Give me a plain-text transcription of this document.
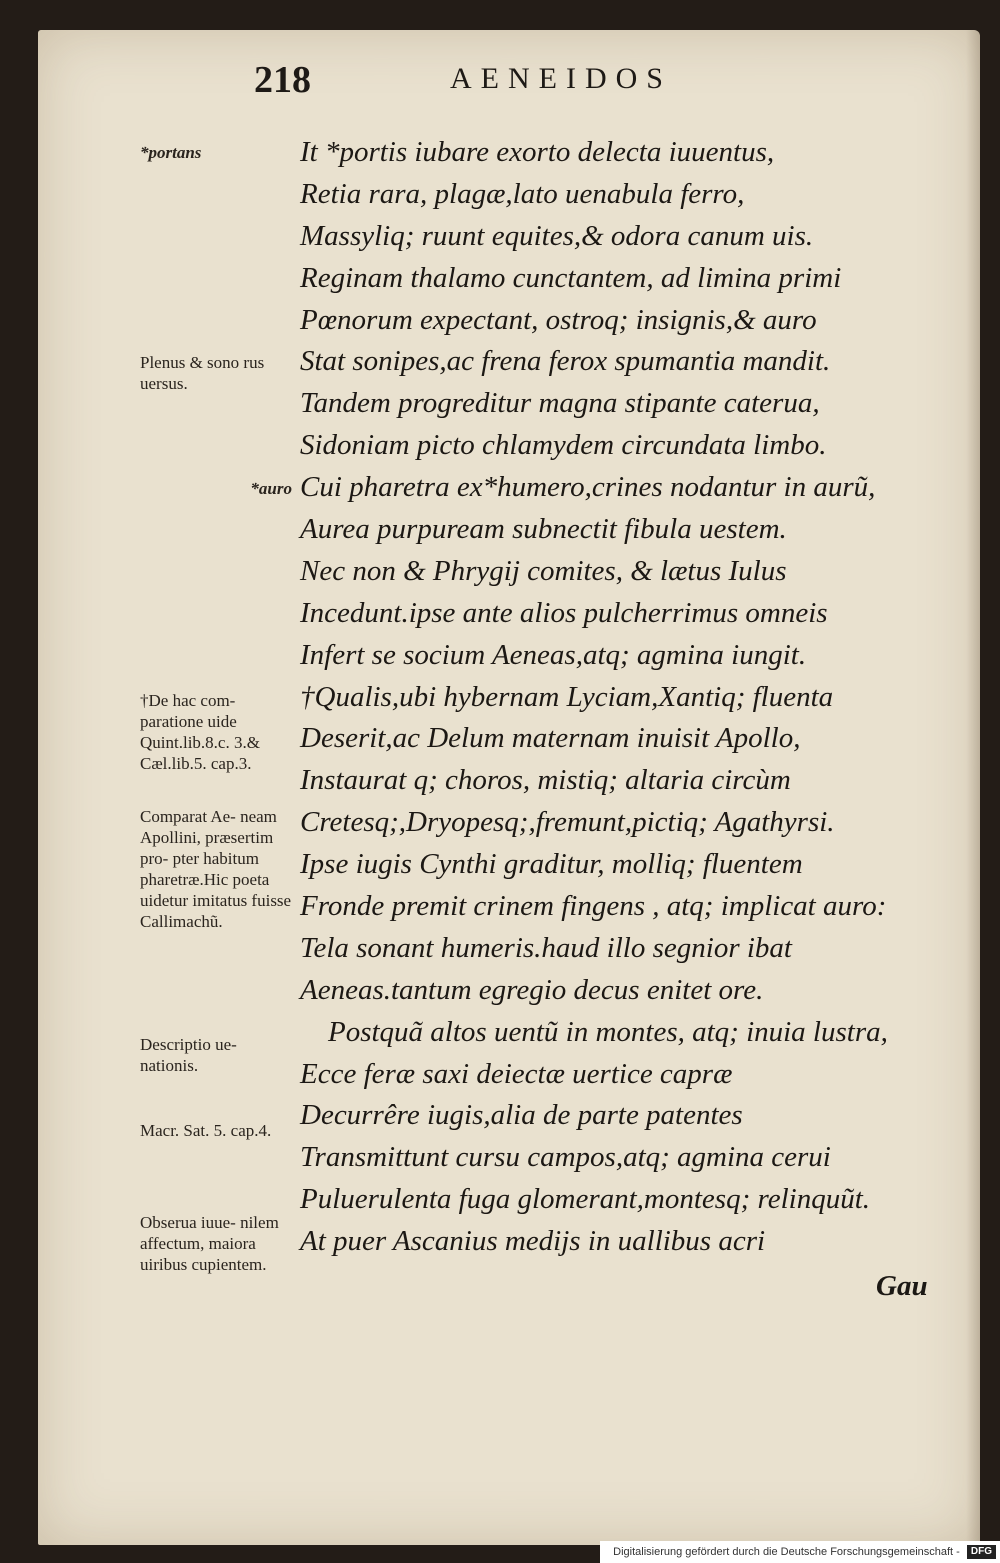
218	AENEIDOS
*portans
Plenus & sono rus uersus.
*auro
†De hac com- paratione uide Quint.lib.8.c. 3.& Cæl.lib.5. cap.3.
Comparat Ae- neam Apollini, præsertim pro- pter habitum pharetræ.Hic poeta uidetur imitatus fuisse Callimachũ.
Descriptio ue- nationis.
Macr. Sat. 5. cap.4.
Obserua iuue- nilem affectum, maiora uiribus cupientem.
It *portis iubare exorto delecta iuuentus,
Retia rara, plagæ,lato uenabula ferro,
Massyliq; ruunt equites,& odora canum uis.
Reginam thalamo cunctantem, ad limina primi
Pœnorum expectant, ostroq; insignis,& auro
Stat sonipes,ac frena ferox spumantia mandit.
Tandem progreditur magna stipante caterua,
Sidoniam picto chlamydem circundata limbo.
Cui pharetra ex*humero,crines nodantur in aurũ,
Aurea purpuream subnectit fibula uestem.
Nec non & Phrygij comites, & lætus Iulus
Incedunt.ipse ante alios pulcherrimus omneis
Infert se socium Aeneas,atq; agmina iungit.
†Qualis,ubi hybernam Lyciam,Xantiq; fluenta
Deserit,ac Delum maternam inuisit Apollo,
Instaurat q; choros, mistiq; altaria circùm
Cretesq;,Dryopesq;,fremunt,pictiq; Agathyrsi.
Ipse iugis Cynthi graditur, molliq; fluentem
Fronde premit crinem fingens , atq; implicat auro:
Tela sonant humeris.haud illo segnior ibat
Aeneas.tantum egregio decus enitet ore.
Postquã altos uentũ in montes, atq; inuia lustra,
Ecce feræ saxi deiectæ uertice capræ
Decurrêre iugis,alia de parte patentes
Transmittunt cursu campos,atq; agmina cerui
Puluerulenta fuga glomerant,montesq; relinquũt.
At puer Ascanius medijs in uallibus acri
Gau
Digitalisierung gefördert durch die Deutsche Forschungsgemeinschaft - DFG
